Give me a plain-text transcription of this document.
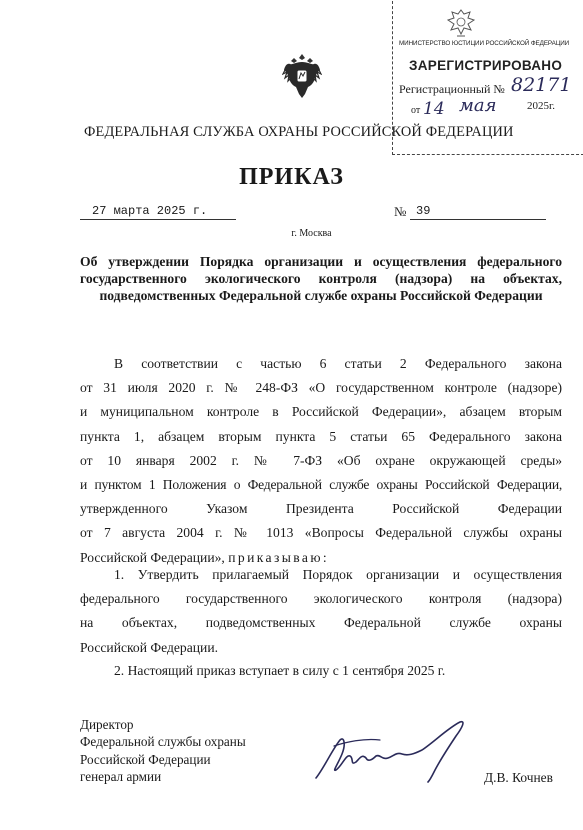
МИНИСТЕРСТВО ЮСТИЦИИ РОССИЙСКОЙ ФЕДЕРАЦИИ
ЗАРЕГИСТРИРОВАНО
Регистрационный № 82171
от 14 мая	2025г.
ФЕДЕРАЛЬНАЯ СЛУЖБА ОХРАНЫ РОССИЙСКОЙ ФЕДЕРАЦИИ
ПРИКАЗ
27 марта 2025 г.	№ 39
г. Москва
Об утверждении Порядка организации и осуществления федерального
государственного экологического контроля (надзора) на объектах,
подведомственных Федеральной службе охраны Российской Федерации
В соответствии с частью 6 статьи 2 Федерального закона
от 31 июля 2020 г. № 248-ФЗ «О государственном контроле (надзоре)
и муниципальном контроле в Российской Федерации», абзацем вторым
пункта 1, абзацем вторым пункта 5 статьи 65 Федерального закона
от 10 января 2002 г. № 7-ФЗ «Об охране окружающей среды»
и пунктом 1 Положения о Федеральной службе охраны Российской Федерации,
утвержденного Указом Президента Российской Федерации
от 7 августа 2004 г. № 1013 «Вопросы Федеральной службы охраны
Российской Федерации», приказываю:
1. Утвердить прилагаемый Порядок организации и осуществления
федерального государственного экологического контроля (надзора)
на объектах, подведомственных Федеральной службе охраны
Российской Федерации.
2. Настоящий приказ вступает в силу с 1 сентября 2025 г.
Директор
Федеральной службы охраны
Российской Федерации
генерал армии	Д.В. Кочнев
